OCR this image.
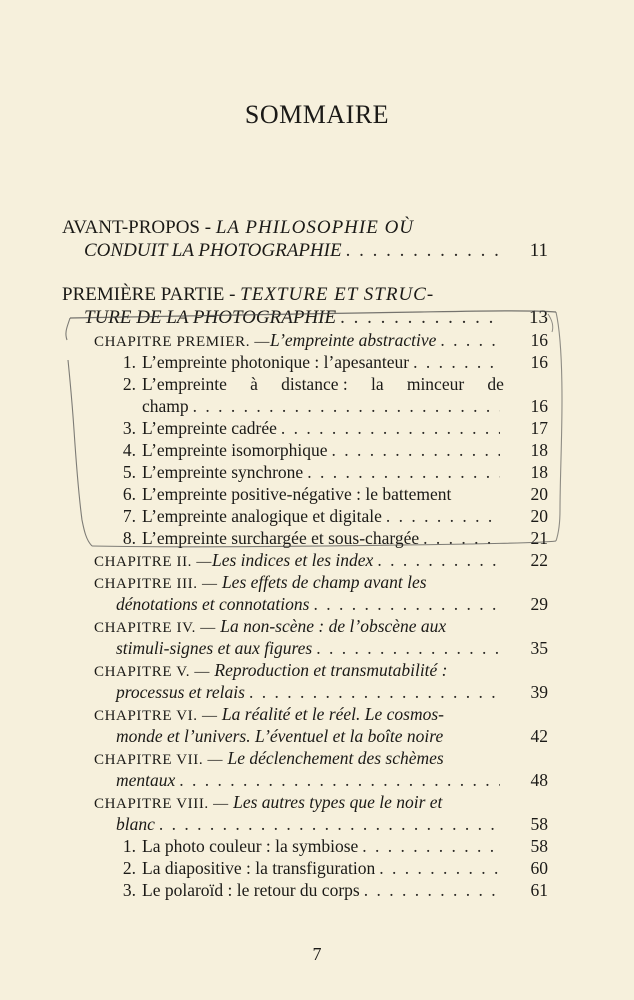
SOMMAIRE
AVANT-PROPOS - LA PHILOSOPHIE OÙ
CONDUIT LA PHOTOGRAPHIE . . .	11
PREMIÈRE PARTIE - TEXTURE ET STRUC-
TURE DE LA PHOTOGRAPHIE . . .	13
CHAPITRE PREMIER. — L’empreinte abstractive . . .	16
1. L’empreinte photonique : l’apesanteur . . .	16
2. L’empreinte à distance : la minceur de
champ . . .	16
3. L’empreinte cadrée . . .	17
4. L’empreinte isomorphique . . .	18
5. L’empreinte synchrone . . .	18
6. L’empreinte positive-négative : le battement	20
7. L’empreinte analogique et digitale . . .	20
8. L’empreinte surchargée et sous-chargée . . .	21
CHAPITRE II. — Les indices et les index . . .	22
CHAPITRE III. — Les effets de champ avant les
dénotations et connotations . . .	29
CHAPITRE IV. — La non-scène : de l’obscène aux
stimuli-signes et aux figures . . .	35
CHAPITRE V. — Reproduction et transmutabilité :
processus et relais . . .	39
CHAPITRE VI. — La réalité et le réel. Le cosmos-
monde et l’univers. L’éventuel et la boîte noire	42
CHAPITRE VII. — Le déclenchement des schèmes
mentaux . . .	48
CHAPITRE VIII. — Les autres types que le noir et
blanc . . .	58
1. La photo couleur : la symbiose . . .	58
2. La diapositive : la transfiguration . . .	60
3. Le polaroïd : le retour du corps . . .	61
7
